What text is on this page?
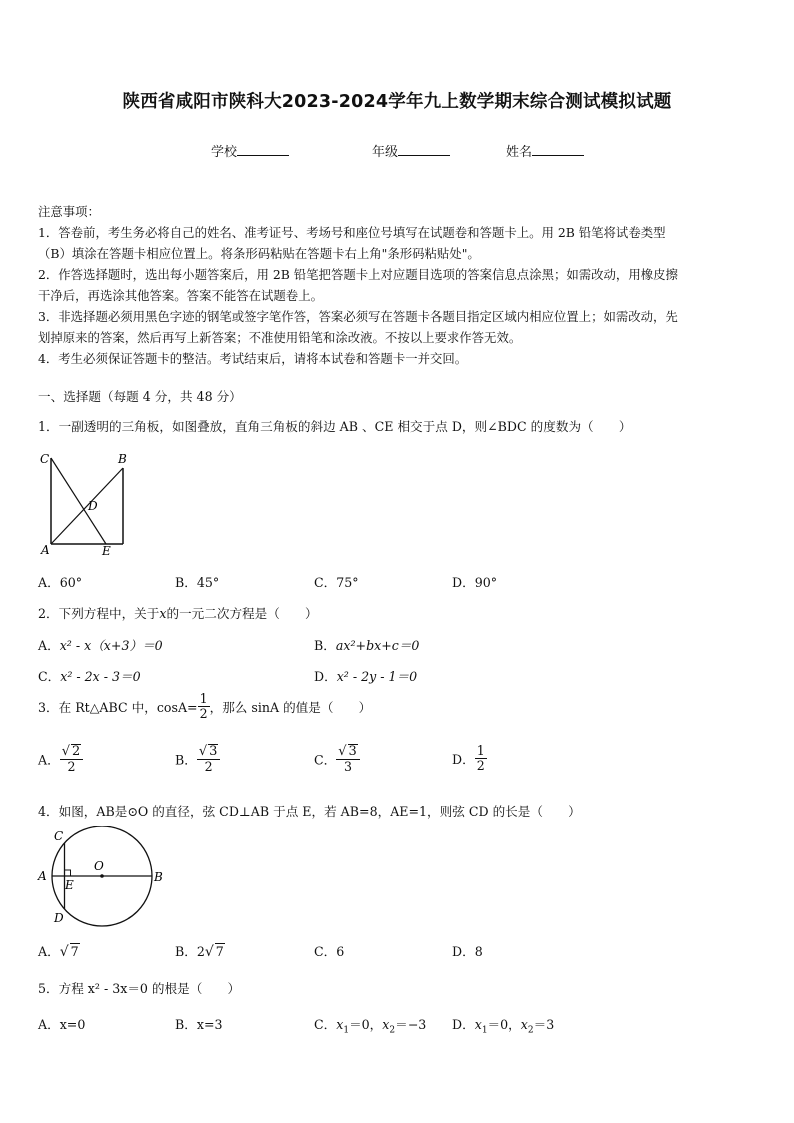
陕西省咸阳市陕科大2023-2024学年九上数学期末综合测试模拟试题
学校	年级	姓名
注意事项：
1．答卷前，考生务必将自己的姓名、准考证号、考场号和座位号填写在试题卷和答题卡上。用 2B 铅笔将试卷类型
（B）填涂在答题卡相应位置上。将条形码粘贴在答题卡右上角"条形码粘贴处"。
2．作答选择题时，选出每小题答案后，用 2B 铅笔把答题卡上对应题目选项的答案信息点涂黑；如需改动，用橡皮擦
干净后，再选涂其他答案。答案不能答在试题卷上。
3．非选择题必须用黑色字迹的钢笔或签字笔作答，答案必须写在答题卡各题目指定区域内相应位置上；如需改动，先
划掉原来的答案，然后再写上新答案；不准使用铅笔和涂改液。不按以上要求作答无效。
4．考生必须保证答题卡的整洁。考试结束后，请将本试卷和答题卡一并交回。
一、选择题（每题 4 分，共 48 分）
1．一副透明的三角板，如图叠放，直角三角板的斜边 AB 、CE 相交于点 D，则∠BDC 的度数为（　　）
C	B
D
A	E
A．60°	B．45°	C．75°	D．90°
2．下列方程中，关于x的一元二次方程是（　　）
A．x² - x（x+3）＝0	B．ax²+bx+c＝0
C．x² - 2x - 3＝0	D．x² - 2y - 1＝0
3．在 Rt△ABC 中，$\cos A= \frac{1}{2}$ ，那么 sinA 的值是（　　）
A． $\frac{√ 2}{2}$	B． $\frac{√ 3}{2}$	C． $\frac{√ 3}{3}$	D． $\frac{1}{2}$
4．如图，AB是⊙O 的直径，弦 CD⊥AB 于点 E，若 AB=8，AE=1，则弦 CD 的长是（　　）
C
O
A
E
B
D
A．√ 7	B．2√ 7	C．6	D．8
5．方程 x² - 3x＝0 的根是（　　）
A．x=0	B．x=3	C．$x_1=0$，$x_2=-3$ D．$x_1=0$，$x_2=3$
